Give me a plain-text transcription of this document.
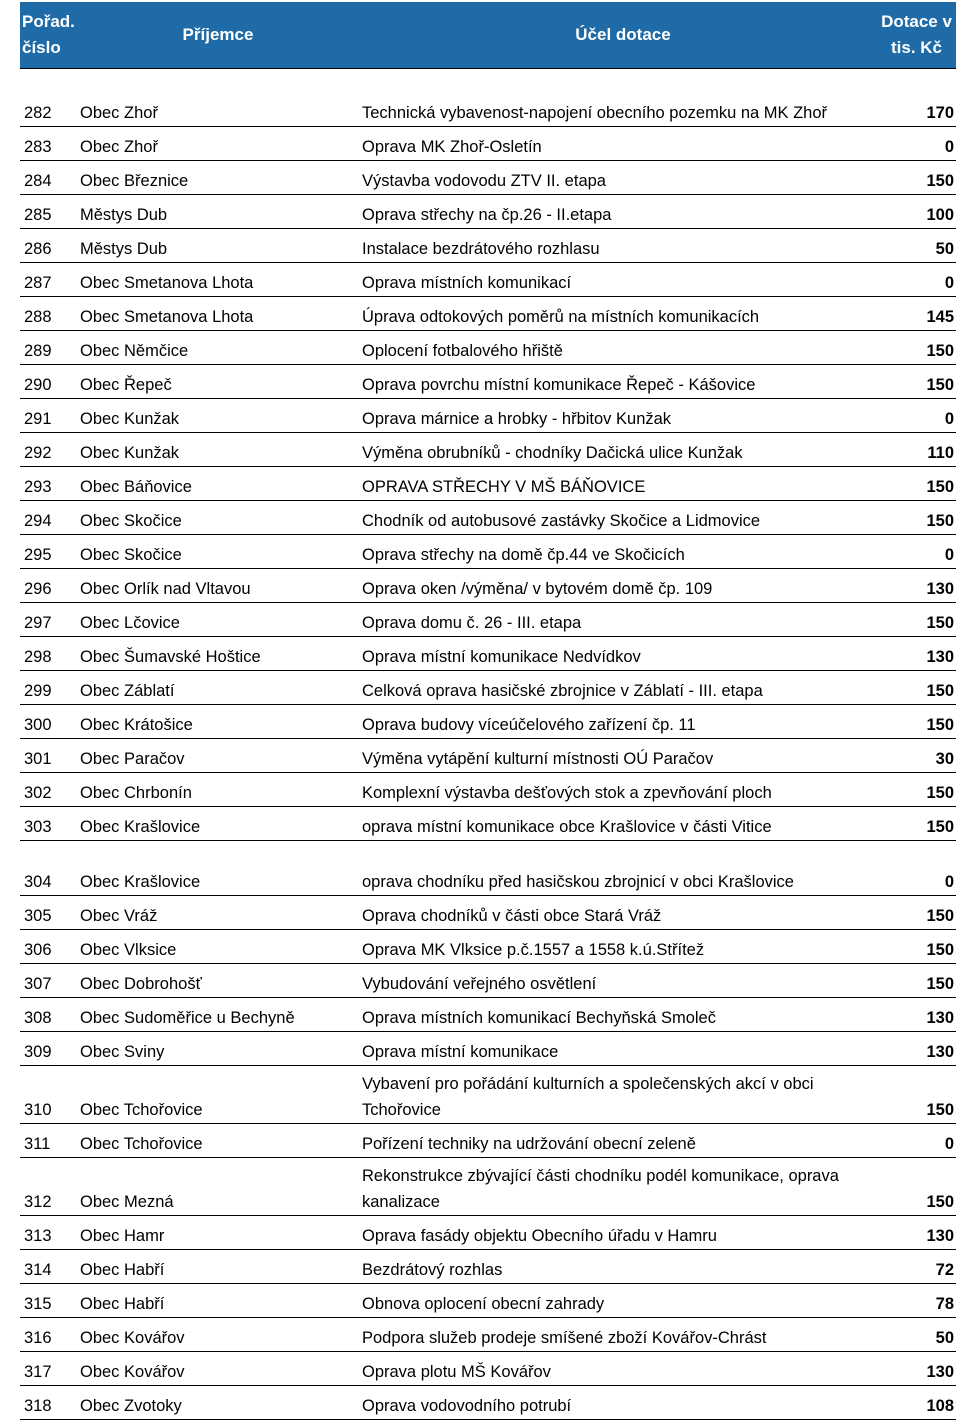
Pořad. číslo	Příjemce	Účel dotace	Dotace v tis. Kč
282	Obec Zhoř	Technická vybavenost-napojení obecního pozemku na MK Zhoř	170
283	Obec Zhoř	Oprava MK Zhoř-Osletín	0
284	Obec Březnice	Výstavba vodovodu ZTV II. etapa	150
285	Městys Dub	Oprava střechy na čp.26 - II.etapa	100
286	Městys Dub	Instalace bezdrátového rozhlasu	50
287	Obec Smetanova Lhota	Oprava místních komunikací	0
288	Obec Smetanova Lhota	Úprava odtokových poměrů na místních komunikacích	145
289	Obec Němčice	Oplocení fotbalového hřiště	150
290	Obec Řepeč	Oprava povrchu místní komunikace Řepeč - Kášovice	150
291	Obec Kunžak	Oprava márnice a hrobky - hřbitov Kunžak	0
292	Obec Kunžak	Výměna obrubníků - chodníky Dačická ulice Kunžak	110
293	Obec Báňovice	OPRAVA STŘECHY V MŠ BÁŇOVICE	150
294	Obec Skočice	Chodník od autobusové zastávky Skočice a Lidmovice	150
295	Obec Skočice	Oprava střechy na domě čp.44 ve Skočicích	0
296	Obec Orlík nad Vltavou	Oprava oken /výměna/ v bytovém domě čp. 109	130
297	Obec Lčovice	Oprava domu č. 26 - III. etapa	150
298	Obec Šumavské Hoštice	Oprava místní komunikace Nedvídkov	130
299	Obec Záblatí	Celková oprava hasičské zbrojnice v Záblatí - III. etapa	150
300	Obec Krátošice	Oprava budovy víceúčelového zařízení čp. 11	150
301	Obec Paračov	Výměna vytápění kulturní místnosti OÚ Paračov	30
302	Obec Chrbonín	Komplexní výstavba dešťových stok a zpevňování ploch	150
303	Obec Krašlovice	oprava místní komunikace obce Krašlovice v části Vitice	150
304	Obec Krašlovice	oprava chodníku před hasičskou zbrojnicí v obci Krašlovice	0
305	Obec Vráž	Oprava chodníků v části obce Stará Vráž	150
306	Obec Vlksice	Oprava MK Vlksice p.č.1557 a 1558 k.ú.Střítež	150
307	Obec Dobrohošť	Vybudování veřejného osvětlení	150
308	Obec Sudoměřice u Bechyně	Oprava místních komunikací Bechyňská Smoleč	130
309	Obec Sviny	Oprava místní komunikace	130
310	Obec Tchořovice	Vybavení pro pořádání kulturních a společenských akcí v obci Tchořovice	150
311	Obec Tchořovice	Pořízení techniky na udržování obecní zeleně	0
312	Obec Mezná	Rekonstrukce zbývající části chodníku podél komunikace, oprava kanalizace	150
313	Obec Hamr	Oprava fasády objektu Obecního úřadu v Hamru	130
314	Obec Habří	Bezdrátový rozhlas	72
315	Obec Habří	Obnova oplocení obecní zahrady	78
316	Obec Kovářov	Podpora služeb prodeje smíšené zboží Kovářov-Chrást	50
317	Obec Kovářov	Oprava plotu MŠ Kovářov	130
318	Obec Zvotoky	Oprava vodovodního potrubí	108
